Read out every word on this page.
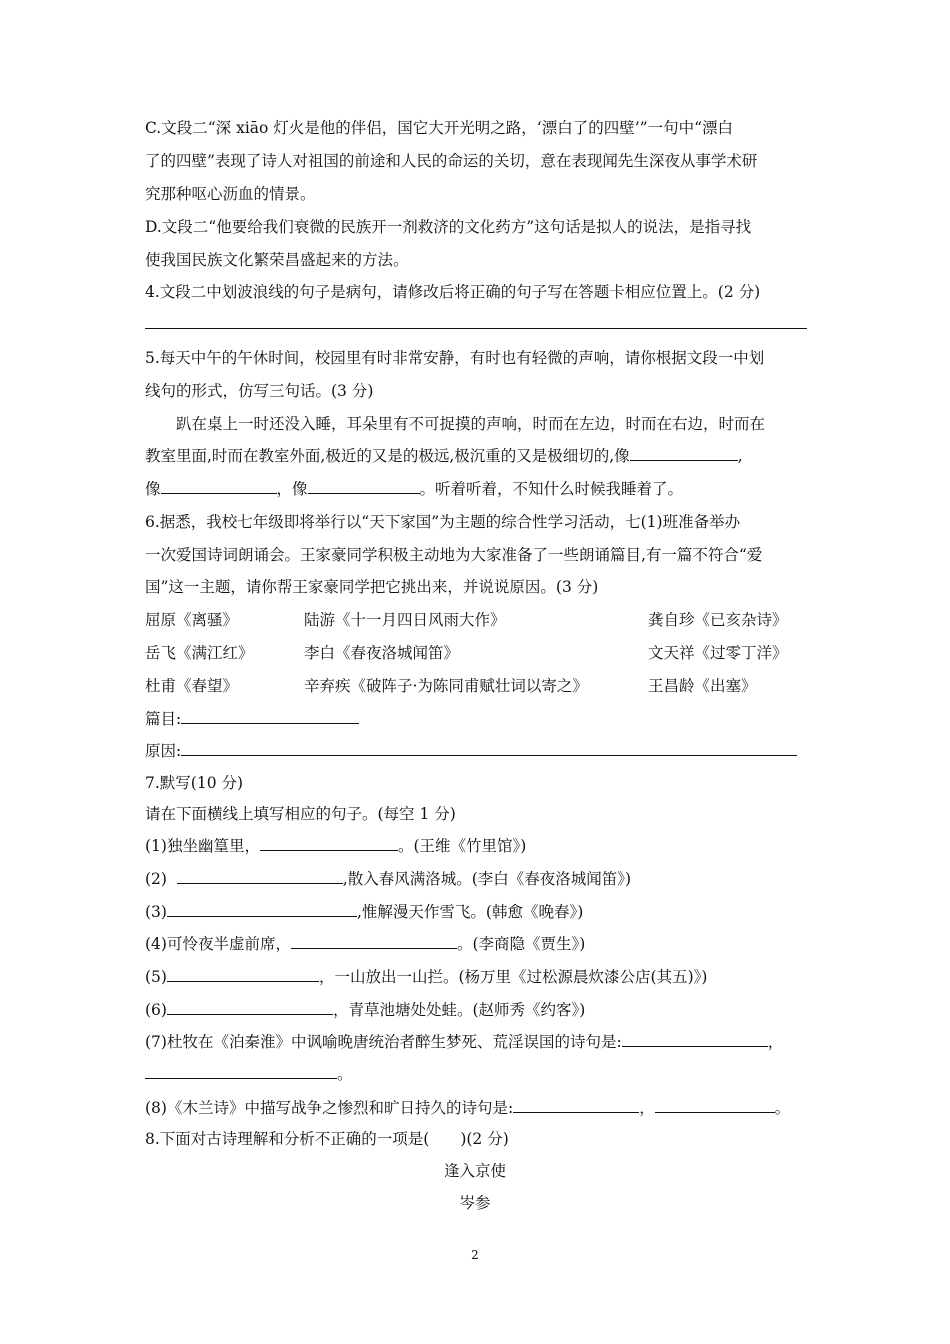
C.文段二“深 xiāo 灯火是他的伴侣，国它大开光明之路，‘漂白了的四壁’”一句中“漂白
了的四壁”表现了诗人对祖国的前途和人民的命运的关切，意在表现闻先生深夜从事学术研
究那种呕心沥血的情景。
D.文段二“他要给我们衰微的民族开一剂救济的文化药方”这句话是拟人的说法，是指寻找
使我国民族文化繁荣昌盛起来的方法。
4.文段二中划波浪线的句子是病句，请修改后将正确的句子写在答题卡相应位置上。(2 分)
5.每天中午的午休时间，校园里有时非常安静，有时也有轻微的声响，请你根据文段一中划
线句的形式，仿写三句话。(3 分)
趴在桌上一时还没入睡，耳朵里有不可捉摸的声响，时而在左边，时而在右边，时而在
教室里面,时而在教室外面,极近的又是的极远,极沉重的又是极细切的,像	,
像	，像	。听着听着，不知什么时候我睡着了。
6.据悉，我校七年级即将举行以“天下家国”为主题的综合性学习活动，七(1)班准备举办
一次爱国诗词朗诵会。王家豪同学积极主动地为大家准备了一些朗诵篇目,有一篇不符合“爱
国”这一主题，请你帮王家豪同学把它挑出来，并说说原因。(3 分)
屈原《离骚》	陆游《十一月四日风雨大作》	龚自珍《已亥杂诗》
岳飞《满江红》	李白《春夜洛城闻笛》	文天祥《过零丁洋》
杜甫《春望》	辛弃疾《破阵子·为陈同甫赋壮词以寄之》	王昌龄《出塞》
篇目:
原因:
7.默写(10 分)
请在下面横线上填写相应的句子。(每空 1 分)
(1)独坐幽篁里，	。(王维《竹里馆》)
(2)	,散入春风满洛城。(李白《春夜洛城闻笛》)
(3)	,惟解漫天作雪飞。(韩愈《晚春》)
(4)可怜夜半虚前席，	。(李商隐《贾生》)
(5)	，一山放出一山拦。(杨万里《过松源晨炊漆公店(其五)》)
(6)	，青草池塘处处蛙。(赵师秀《约客》)
(7)杜牧在《泊秦淮》中讽喻晚唐统治者醉生梦死、荒淫误国的诗句是:	，
。
(8)《木兰诗》中描写战争之惨烈和旷日持久的诗句是:	，	。
8.下面对古诗理解和分析不正确的一项是(　　)(2 分)
逢入京使
岑参
2
